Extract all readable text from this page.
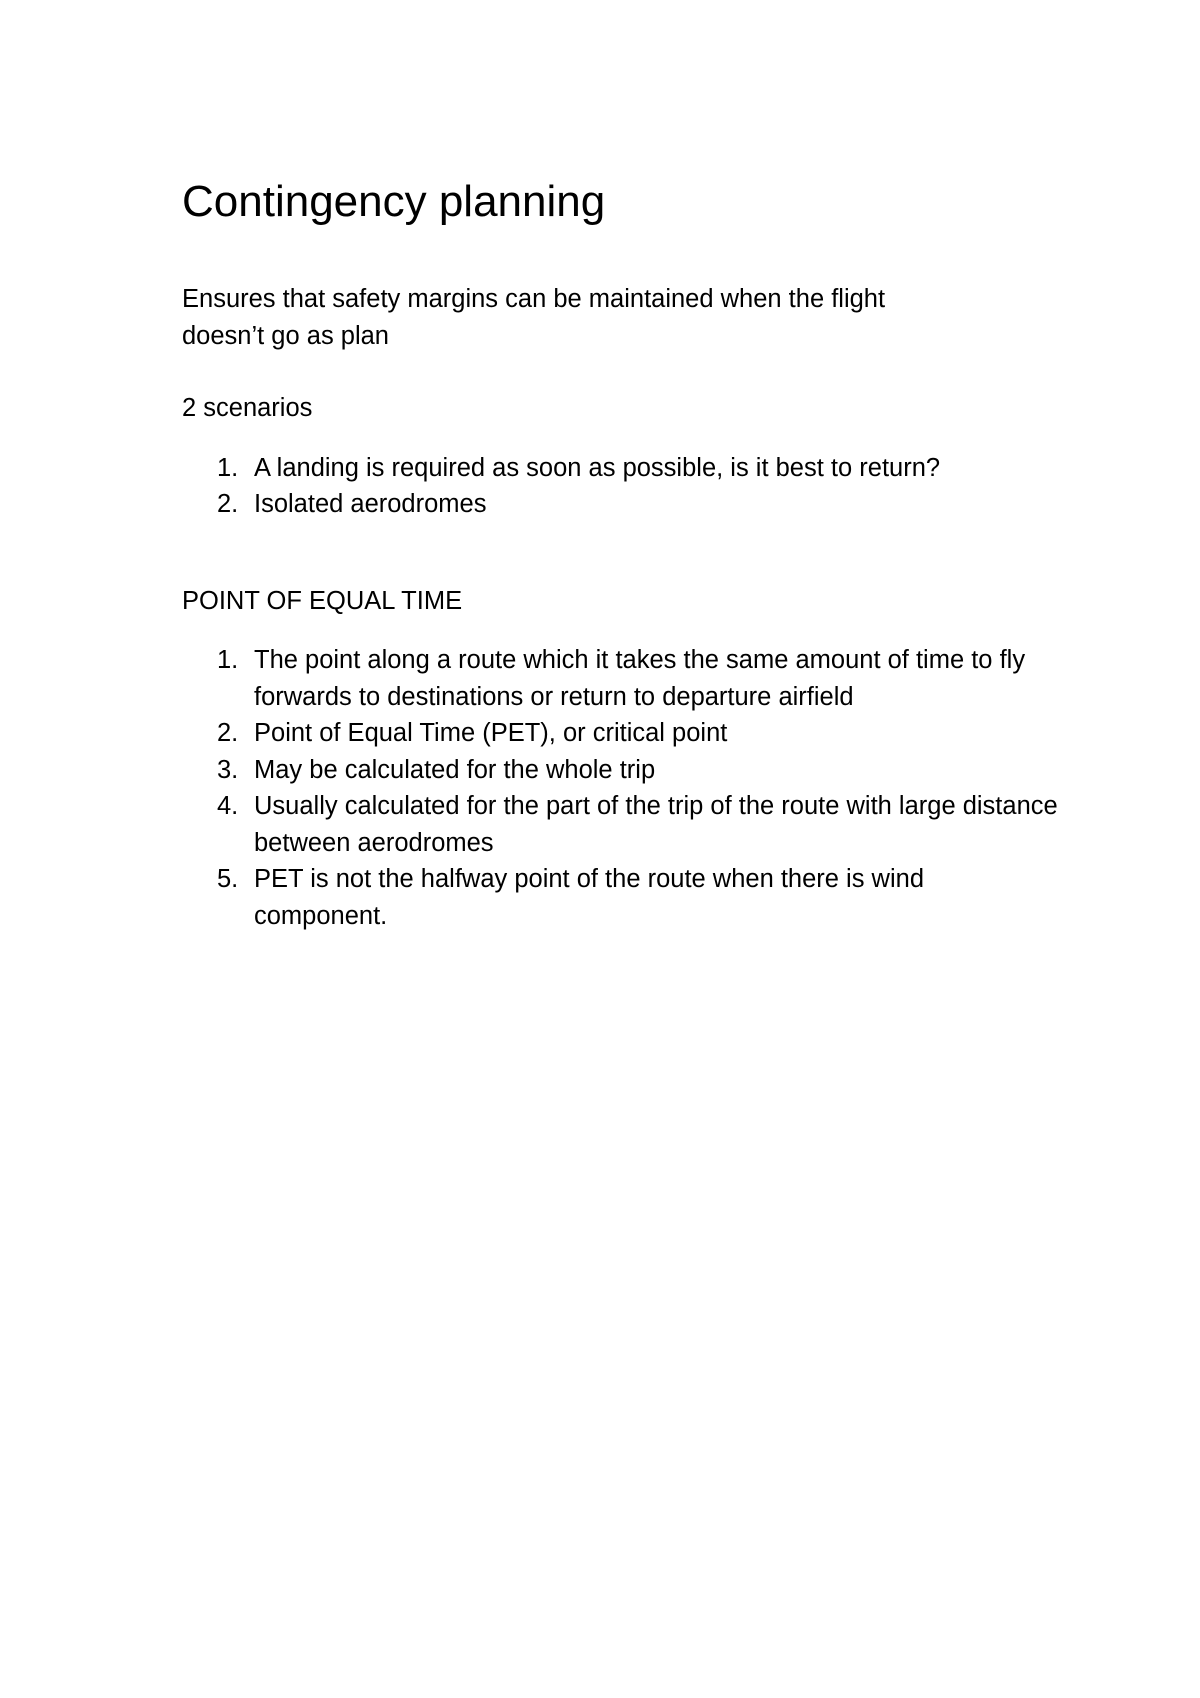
Contingency planning

Ensures that safety margins can be maintained when the flight
doesn’t go as plan

2 scenarios

1. A landing is required as soon as possible, is it best to return?
2. Isolated aerodromes

POINT OF EQUAL TIME

1. The point along a route which it takes the same amount of time to fly forwards to destinations or return to departure airfield
2. Point of Equal Time (PET), or critical point
3. May be calculated for the whole trip
4. Usually calculated for the part of the trip of the route with large distance between aerodromes
5. PET is not the halfway point of the route when there is wind component.
